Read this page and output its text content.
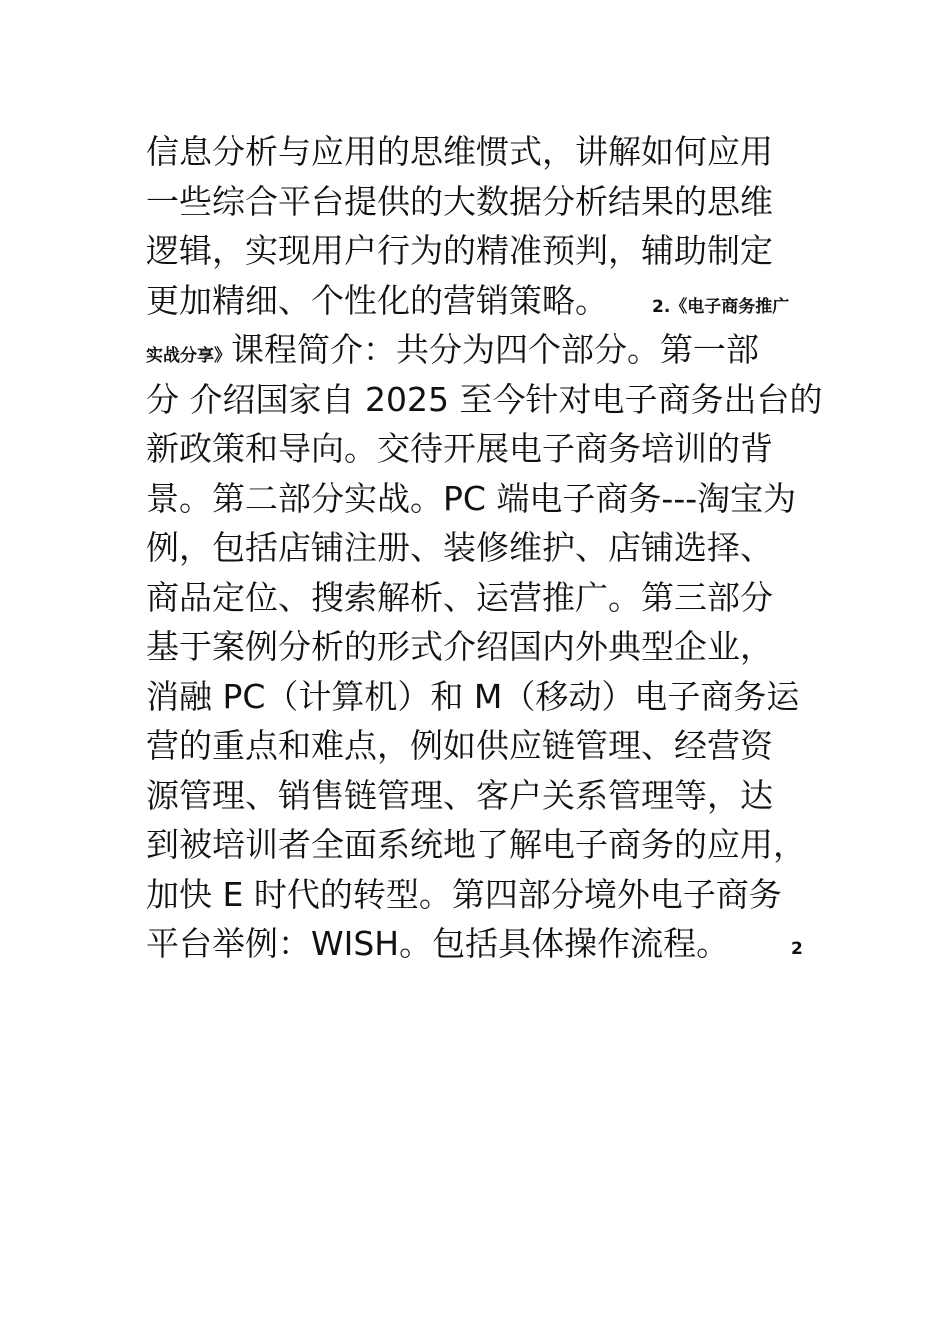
信息分析与应用的思维惯式，讲解如何应用
一些综合平台提供的大数据分析结果的思维
逻辑，实现用户行为的精准预判，辅助制定
更加精细、个性化的营销策略。	2.《电子商务推广
实战分享》课程简介：共分为四个部分。第一部
分 介绍国家自 2025 至今针对电子商务出台的
新政策和导向。交待开展电子商务培训的背
景。第二部分实战。PC 端电子商务---淘宝为
例，包括店铺注册、装修维护、店铺选择、
商品定位、搜索解析、运营推广。第三部分
基于案例分析的形式介绍国内外典型企业，
消融 PC（计算机）和 M（移动）电子商务运
营的重点和难点，例如供应链管理、经营资
源管理、销售链管理、客户关系管理等，达
到被培训者全面系统地了解电子商务的应用，
加快 E 时代的转型。第四部分境外电子商务
平台举例：WISH。包括具体操作流程。	2
